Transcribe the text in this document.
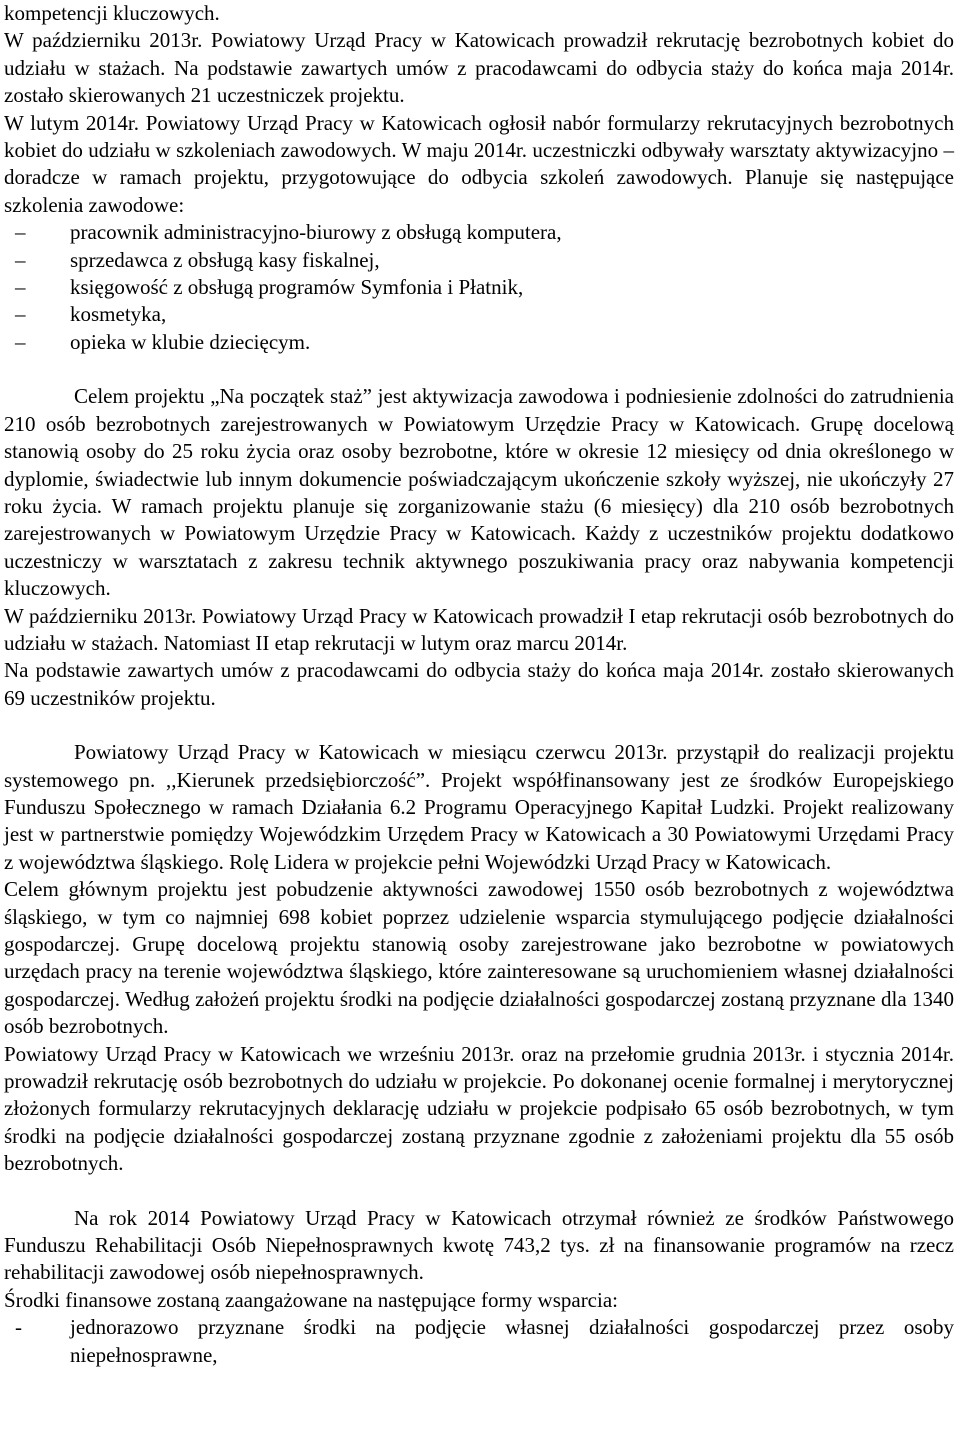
kompetencji kluczowych.

W październiku 2013r. Powiatowy Urząd Pracy w Katowicach prowadził rekrutację bezrobotnych kobiet do udziału w stażach. Na podstawie zawartych umów z pracodawcami do odbycia staży do końca maja 2014r. zostało skierowanych 21 uczestniczek projektu.

W lutym 2014r. Powiatowy Urząd Pracy w Katowicach ogłosił nabór formularzy rekrutacyjnych bezrobotnych kobiet do udziału w szkoleniach zawodowych. W maju 2014r. uczestniczki odbywały warsztaty aktywizacyjno – doradcze w ramach projektu, przygotowujące do odbycia szkoleń zawodowych. Planuje się następujące szkolenia zawodowe:

– pracownik administracyjno-biurowy z obsługą komputera,
– sprzedawca z obsługą kasy fiskalnej,
– księgowość z obsługą programów Symfonia i Płatnik,
– kosmetyka,
– opieka w klubie dziecięcym.

Celem projektu „Na początek staż” jest aktywizacja zawodowa i podniesienie zdolności do zatrudnienia 210 osób bezrobotnych zarejestrowanych w Powiatowym Urzędzie Pracy w Katowicach. Grupę docelową stanowią osoby do 25 roku życia oraz osoby bezrobotne, które w okresie 12 miesięcy od dnia określonego w dyplomie, świadectwie lub innym dokumencie poświadczającym ukończenie szkoły wyższej, nie ukończyły 27 roku życia. W ramach projektu planuje się zorganizowanie stażu (6 miesięcy) dla 210 osób bezrobotnych zarejestrowanych w Powiatowym Urzędzie Pracy w Katowicach. Każdy z uczestników projektu dodatkowo uczestniczy w warsztatach z zakresu technik aktywnego poszukiwania pracy oraz nabywania kompetencji kluczowych.

W październiku 2013r. Powiatowy Urząd Pracy w Katowicach prowadził I etap rekrutacji osób bezrobotnych do udziału w stażach. Natomiast II etap rekrutacji w lutym oraz marcu 2014r.

Na podstawie zawartych umów z pracodawcami do odbycia staży do końca maja 2014r. zostało skierowanych 69 uczestników projektu.

Powiatowy Urząd Pracy w Katowicach w miesiącu czerwcu 2013r. przystąpił do realizacji projektu systemowego pn. ,,Kierunek przedsiębiorczość”. Projekt współfinansowany jest ze środków Europejskiego Funduszu Społecznego w ramach Działania 6.2 Programu Operacyjnego Kapitał Ludzki. Projekt realizowany jest w partnerstwie pomiędzy Wojewódzkim Urzędem Pracy w Katowicach a 30 Powiatowymi Urzędami Pracy z województwa śląskiego. Rolę Lidera w projekcie pełni Wojewódzki Urząd Pracy w Katowicach.

Celem głównym projektu jest pobudzenie aktywności zawodowej 1550 osób bezrobotnych z województwa śląskiego, w tym co najmniej 698 kobiet poprzez udzielenie wsparcia stymulującego podjęcie działalności gospodarczej. Grupę docelową projektu stanowią osoby zarejestrowane jako bezrobotne w powiatowych urzędach pracy na terenie województwa śląskiego, które zainteresowane są uruchomieniem własnej działalności gospodarczej. Według założeń projektu środki na podjęcie działalności gospodarczej zostaną przyznane dla 1340 osób bezrobotnych.

Powiatowy Urząd Pracy w Katowicach we wrześniu 2013r. oraz na przełomie grudnia 2013r. i stycznia 2014r. prowadził rekrutację osób bezrobotnych do udziału w projekcie. Po dokonanej ocenie formalnej i merytorycznej złożonych formularzy rekrutacyjnych deklarację udziału w projekcie podpisało 65 osób bezrobotnych, w tym środki na podjęcie działalności gospodarczej zostaną przyznane zgodnie z założeniami projektu dla 55 osób bezrobotnych.

Na rok 2014 Powiatowy Urząd Pracy w Katowicach otrzymał również ze środków Państwowego Funduszu Rehabilitacji Osób Niepełnosprawnych kwotę 743,2 tys. zł na finansowanie programów na rzecz rehabilitacji zawodowej osób niepełnosprawnych.

Środki finansowe zostaną zaangażowane na następujące formy wsparcia:

- jednorazowo przyznane środki na podjęcie własnej działalności gospodarczej przez osoby niepełnosprawne,
